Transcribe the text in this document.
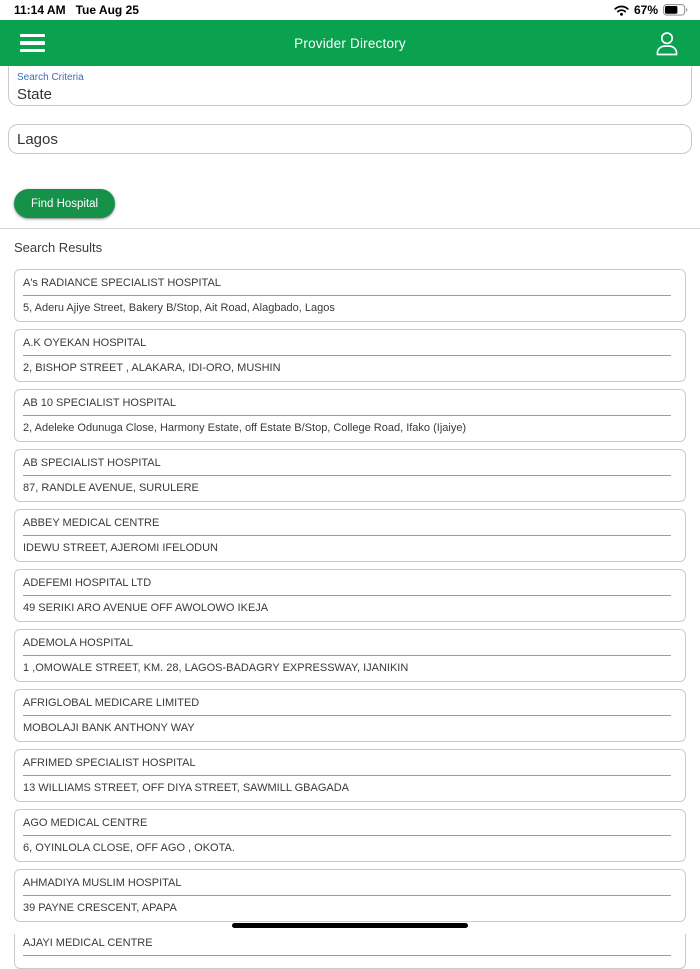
11:14 AM Tue Aug 25	67%
Provider Directory
Search Criteria
State
Lagos
Find Hospital
Search Results
A's RADIANCE SPECIALIST HOSPITAL
5, Aderu Ajiye Street, Bakery B/Stop, Ait Road, Alagbado, Lagos
A.K OYEKAN HOSPITAL
2, BISHOP STREET , ALAKARA, IDI-ORO, MUSHIN
AB 10 SPECIALIST HOSPITAL
2, Adeleke Odunuga Close, Harmony Estate, off Estate B/Stop, College Road, Ifako (Ijaiye)
AB SPECIALIST HOSPITAL
87, RANDLE AVENUE, SURULERE
ABBEY MEDICAL CENTRE
IDEWU STREET, AJEROMI IFELODUN
ADEFEMI HOSPITAL LTD
49 SERIKI ARO AVENUE OFF AWOLOWO IKEJA
ADEMOLA HOSPITAL
1 ,OMOWALE STREET, KM. 28, LAGOS-BADAGRY EXPRESSWAY, IJANIKIN
AFRIGLOBAL MEDICARE LIMITED
MOBOLAJI BANK ANTHONY WAY
AFRIMED SPECIALIST HOSPITAL
13 WILLIAMS STREET, OFF DIYA STREET, SAWMILL GBAGADA
AGO MEDICAL CENTRE
6, OYINLOLA CLOSE, OFF AGO , OKOTA.
AHMADIYA MUSLIM HOSPITAL
39 PAYNE CRESCENT, APAPA
AJAYI MEDICAL CENTRE
